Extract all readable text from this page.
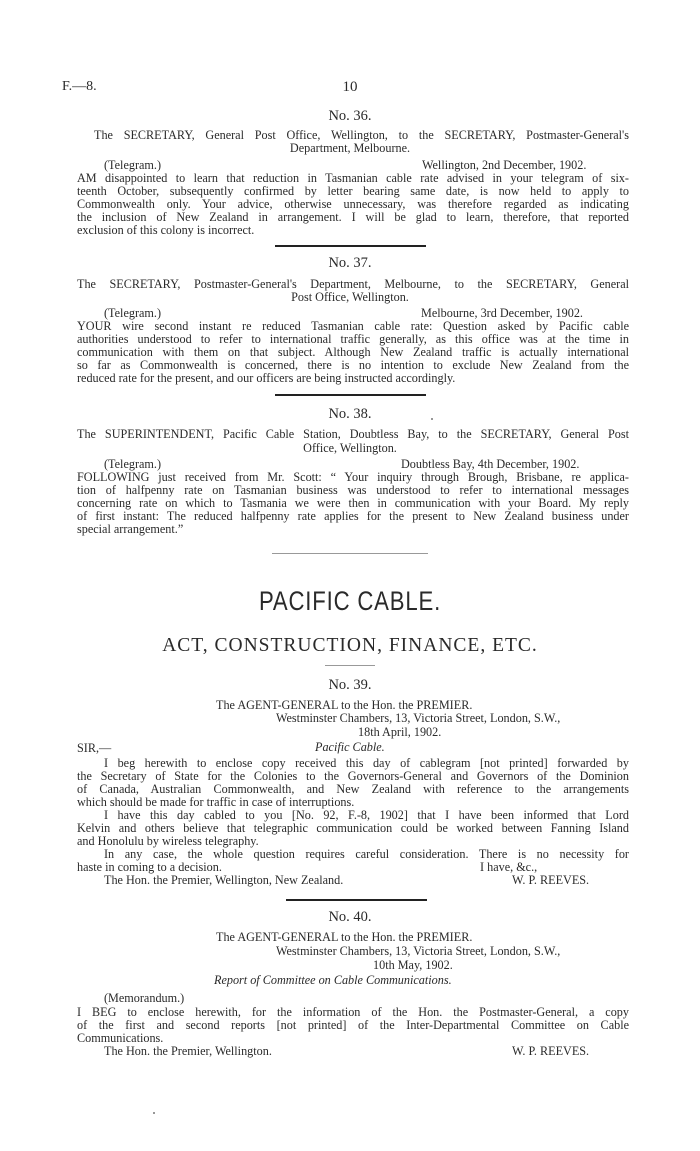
F.—8.	10
No. 36.
The SECRETARY, General Post Office, Wellington, to the SECRETARY, Postmaster-General's
Department, Melbourne.
(Telegram.)	Wellington, 2nd December, 1902.
AM disappointed to learn that reduction in Tasmanian cable rate advised in your telegram of six-
teenth October, subsequently confirmed by letter bearing same date, is now held to apply to
Commonwealth only. Your advice, otherwise unnecessary, was therefore regarded as indicating
the inclusion of New Zealand in arrangement. I will be glad to learn, therefore, that reported
exclusion of this colony is incorrect.
No. 37.
The SECRETARY, Postmaster-General's Department, Melbourne, to the SECRETARY, General
Post Office, Wellington.
(Telegram.)	Melbourne, 3rd December, 1902.
YOUR wire second instant re reduced Tasmanian cable rate: Question asked by Pacific cable
authorities understood to refer to international traffic generally, as this office was at the time in
communication with them on that subject. Although New Zealand traffic is actually international
so far as Commonwealth is concerned, there is no intention to exclude New Zealand from the
reduced rate for the present, and our officers are being instructed accordingly.
No. 38.
The SUPERINTENDENT, Pacific Cable Station, Doubtless Bay, to the SECRETARY, General Post
Office, Wellington.
(Telegram.)	Doubtless Bay, 4th December, 1902.
FOLLOWING just received from Mr. Scott: “ Your inquiry through Brough, Brisbane, re applica-
tion of halfpenny rate on Tasmanian business was understood to refer to international messages
concerning rate on which to Tasmania we were then in communication with your Board. My reply
of first instant: The reduced halfpenny rate applies for the present to New Zealand business under
special arrangement.”
PACIFIC CABLE.
ACT, CONSTRUCTION, FINANCE, ETC.
No. 39.
The AGENT-GENERAL to the Hon. the PREMIER.
Westminster Chambers, 13, Victoria Street, London, S.W.,
18th April, 1902.
SIR,—	Pacific Cable.
I beg herewith to enclose copy received this day of cablegram [not printed] forwarded by
the Secretary of State for the Colonies to the Governors-General and Governors of the Dominion
of Canada, Australian Commonwealth, and New Zealand with reference to the arrangements
which should be made for traffic in case of interruptions.
I have this day cabled to you [No. 92, F.-8, 1902] that I have been informed that Lord
Kelvin and others believe that telegraphic communication could be worked between Fanning Island
and Honolulu by wireless telegraphy.
In any case, the whole question requires careful consideration. There is no necessity for
haste in coming to a decision.	I have, &c.,
The Hon. the Premier, Wellington, New Zealand.	W. P. REEVES.
No. 40.
The AGENT-GENERAL to the Hon. the PREMIER.
Westminster Chambers, 13, Victoria Street, London, S.W.,
10th May, 1902.
Report of Committee on Cable Communications.
(Memorandum.)
I BEG to enclose herewith, for the information of the Hon. the Postmaster-General, a copy
of the first and second reports [not printed] of the Inter-Departmental Committee on Cable
Communications.
The Hon. the Premier, Wellington.	W. P. REEVES.
